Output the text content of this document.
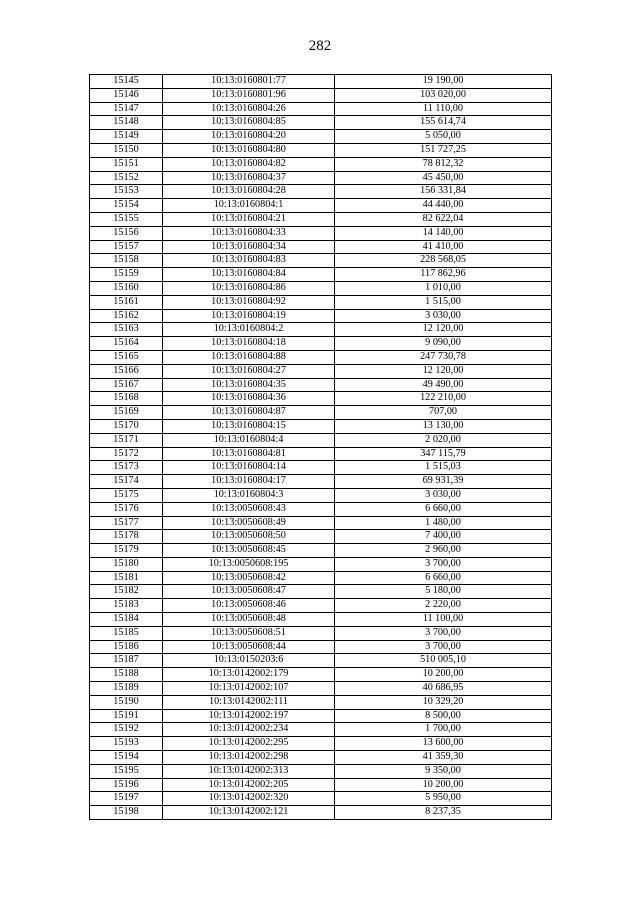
282
15145	10:13:0160801:77	19 190,00
15146	10:13:0160801:96	103 020,00
15147	10:13:0160804:26	11 110,00
15148	10:13:0160804:85	155 614,74
15149	10:13:0160804:20	5 050,00
15150	10:13:0160804:80	151 727,25
15151	10:13:0160804:82	78 812,32
15152	10:13:0160804:37	45 450,00
15153	10:13:0160804:28	156 331,84
15154	10:13:0160804:1	44 440,00
15155	10:13:0160804:21	82 622,04
15156	10:13:0160804:33	14 140,00
15157	10:13:0160804:34	41 410,00
15158	10:13:0160804:83	228 568,05
15159	10:13:0160804:84	117 862,96
15160	10:13:0160804:86	1 010,00
15161	10:13:0160804:92	1 515,00
15162	10:13:0160804:19	3 030,00
15163	10:13:0160804:2	12 120,00
15164	10:13:0160804:18	9 090,00
15165	10:13:0160804:88	247 730,78
15166	10:13:0160804:27	12 120,00
15167	10:13:0160804:35	49 490,00
15168	10:13:0160804:36	122 210,00
15169	10:13:0160804:87	707,00
15170	10:13:0160804:15	13 130,00
15171	10:13:0160804:4	2 020,00
15172	10:13:0160804:81	347 115,79
15173	10:13:0160804:14	1 515,03
15174	10:13:0160804:17	69 931,39
15175	10:13:0160804:3	3 030,00
15176	10:13:0050608:43	6 660,00
15177	10:13:0050608:49	1 480,00
15178	10:13:0050608:50	7 400,00
15179	10:13:0050608:45	2 960,00
15180	10:13:0050608:195	3 700,00
15181	10:13:0050608:42	6 660,00
15182	10:13:0050608:47	5 180,00
15183	10:13:0050608:46	2 220,00
15184	10:13:0050608:48	11 100,00
15185	10:13:0050608:51	3 700,00
15186	10:13:0050608:44	3 700,00
15187	10:13:0150203:6	510 005,10
15188	10:13:0142002:179	10 200,00
15189	10:13:0142002:107	40 686,95
15190	10:13:0142002:111	10 329,20
15191	10:13:0142002:197	8 500,00
15192	10:13:0142002:234	1 700,00
15193	10:13:0142002:295	13 600,00
15194	10:13:0142002:298	41 359,30
15195	10:13:0142002:313	9 350,00
15196	10:13:0142002:205	10 200,00
15197	10:13:0142002:320	5 950,00
15198	10:13:0142002:121	8 237,35
